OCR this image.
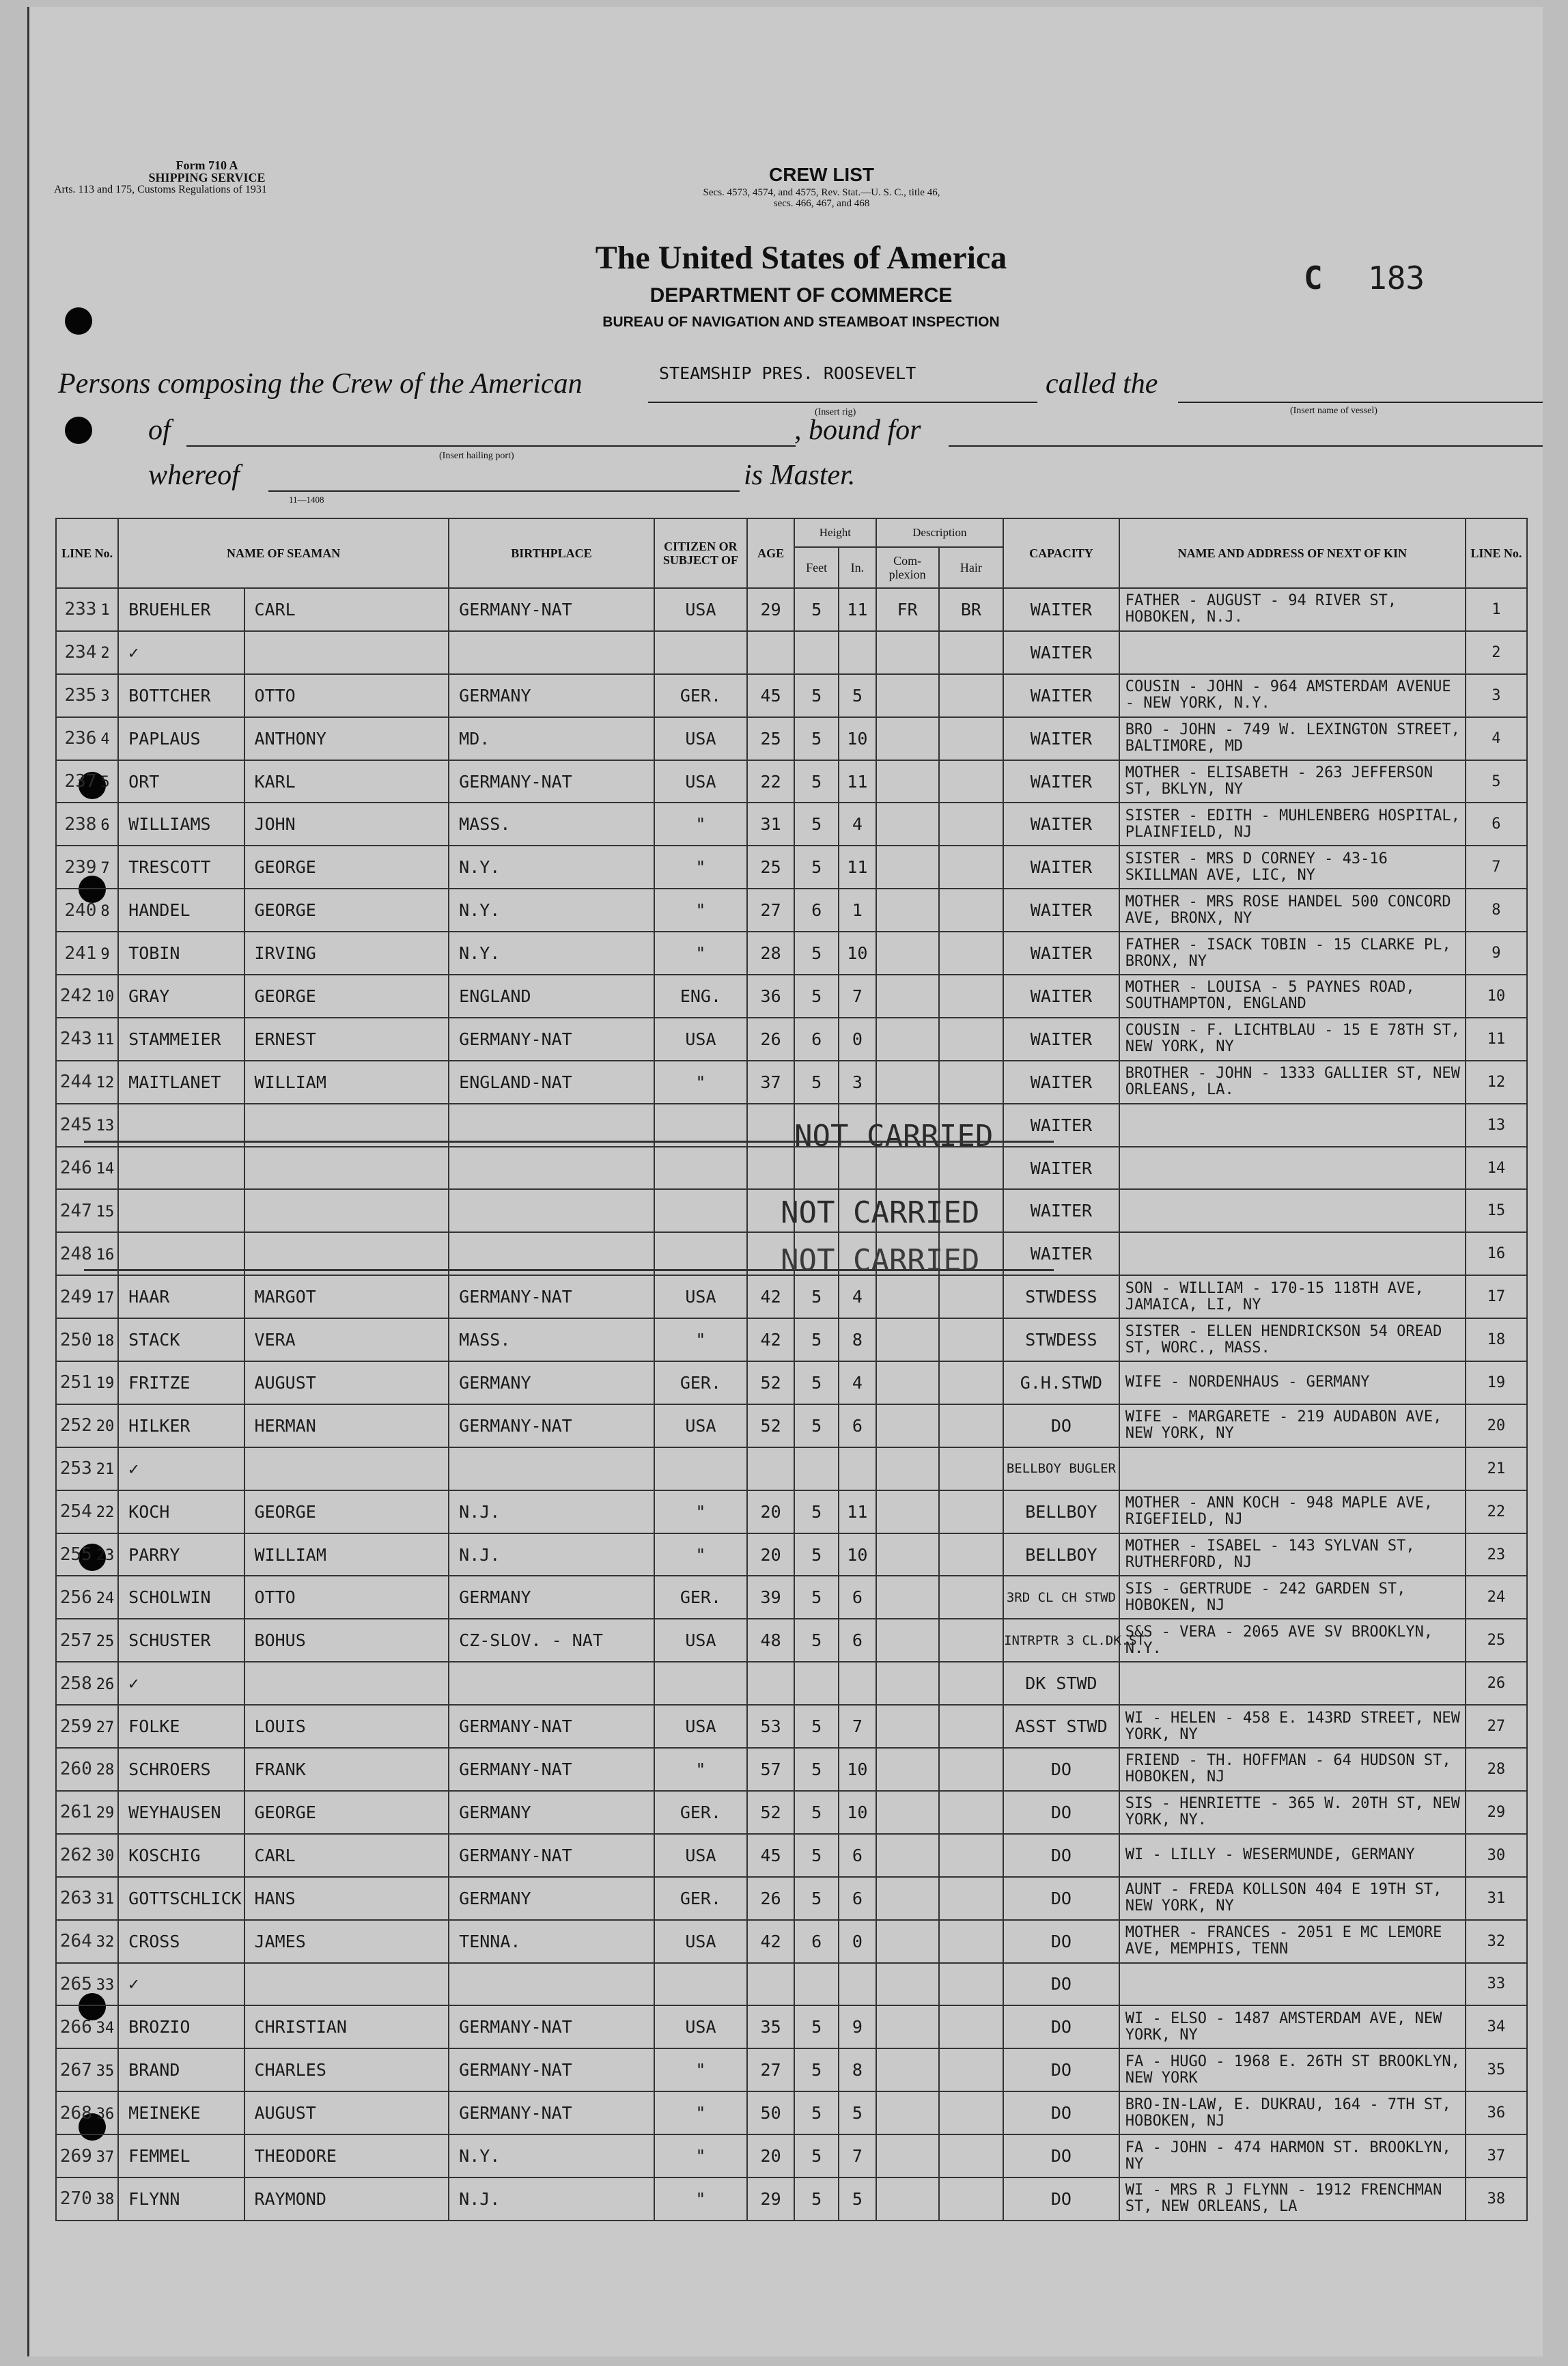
Form 710 A
SHIPPING SERVICE
Arts. 113 and 175, Customs Regulations of 1931
CREW LIST
Secs. 4573, 4574, and 4575, Rev. Stat.—U. S. C., title 46,
secs. 466, 467, and 468
The United States of America
DEPARTMENT OF COMMERCE
BUREAU OF NAVIGATION AND STEAMBOAT INSPECTION
C 183
Persons composing the Crew of the American	STEAMSHIP PRES. ROOSEVELT
(Insert rig)
called the
(Insert name of vessel)
of
(Insert hailing port)
, bound for
whereof
11—1408
is Master.
LINE No.	NAME OF SEAMAN		BIRTHPLACE	CITIZEN OR SUBJECT OF	AGE	Height		Description		CAPACITY	NAME AND ADDRESS OF NEXT OF KIN	LINE No.
						Feet	In.	Com-plexion	Hair			
233 1	BRUEHLER	CARL	GERMANY-NAT	USA	29	5	11	FR	BR	WAITER	FATHER - AUGUST - 94 RIVER ST, HOBOKEN, N.J.	1
234 2	✓									WAITER		2
235 3	BOTTCHER	OTTO	GERMANY	GER.	45	5	5			WAITER	COUSIN - JOHN - 964 AMSTERDAM AVENUE - NEW YORK, N.Y.	3
236 4	PAPLAUS	ANTHONY	MD.	USA	25	5	10			WAITER	BRO - JOHN - 749 W. LEXINGTON STREET, BALTIMORE, MD	4
237 5	ORT	KARL	GERMANY-NAT	USA	22	5	11			WAITER	MOTHER - ELISABETH - 263 JEFFERSON ST, BKLYN, NY	5
238 6	WILLIAMS	JOHN	MASS.	"	31	5	4			WAITER	SISTER - EDITH - MUHLENBERG HOSPITAL, PLAINFIELD, NJ	6
239 7	TRESCOTT	GEORGE	N.Y.	"	25	5	11			WAITER	SISTER - MRS D CORNEY - 43-16 SKILLMAN AVE, LIC, NY	7
240 8	HANDEL	GEORGE	N.Y.	"	27	6	1			WAITER	MOTHER - MRS ROSE HANDEL 500 CONCORD AVE, BRONX, NY	8
241 9	TOBIN	IRVING	N.Y.	"	28	5	10			WAITER	FATHER - ISACK TOBIN - 15 CLARKE PL, BRONX, NY	9
242 10	GRAY	GEORGE	ENGLAND	ENG.	36	5	7			WAITER	MOTHER - LOUISA - 5 PAYNES ROAD, SOUTHAMPTON, ENGLAND	10
243 11	STAMMEIER	ERNEST	GERMANY-NAT	USA	26	6	0			WAITER	COUSIN - F. LICHTBLAU - 15 E 78TH ST, NEW YORK, NY	11
244 12	MAITLANET	WILLIAM	ENGLAND-NAT	"	37	5	3			WAITER	BROTHER - JOHN - 1333 GALLIER ST, NEW ORLEANS, LA.	12
245 13										WAITER		13
246 14										WAITER		14
247 15										WAITER		15
248 16										WAITER		16
249 17	HAAR	MARGOT	GERMANY-NAT	USA	42	5	4			STWDESS	SON - WILLIAM - 170-15 118TH AVE, JAMAICA, LI, NY	17
250 18	STACK	VERA	MASS.	"	42	5	8			STWDESS	SISTER - ELLEN HENDRICKSON 54 OREAD ST, WORC., MASS.	18
251 19	FRITZE	AUGUST	GERMANY	GER.	52	5	4			G.H.STWD	WIFE - NORDENHAUS - GERMANY	19
252 20	HILKER	HERMAN	GERMANY-NAT	USA	52	5	6			DO	WIFE - MARGARETE - 219 AUDABON AVE, NEW YORK, NY	20
253 21	✓									BELLBOY BUGLER		21
254 22	KOCH	GEORGE	N.J.	"	20	5	11			BELLBOY	MOTHER - ANN KOCH - 948 MAPLE AVE, RIGEFIELD, NJ	22
255 23	PARRY	WILLIAM	N.J.	"	20	5	10			BELLBOY	MOTHER - ISABEL - 143 SYLVAN ST, RUTHERFORD, NJ	23
256 24	SCHOLWIN	OTTO	GERMANY	GER.	39	5	6			3RD CL CH STWD	SIS - GERTRUDE - 242 GARDEN ST, HOBOKEN, NJ	24
257 25	SCHUSTER	BOHUS	CZ-SLOV. - NAT	USA	48	5	6			INTRPTR 3 CL.DK.ST	S&S - VERA - 2065 AVE SV BROOKLYN, N.Y.	25
258 26	✓									DK STWD		26
259 27	FOLKE	LOUIS	GERMANY-NAT	USA	53	5	7			ASST STWD	WI - HELEN - 458 E. 143RD STREET, NEW YORK, NY	27
260 28	SCHROERS	FRANK	GERMANY-NAT	"	57	5	10			DO	FRIEND - TH. HOFFMAN - 64 HUDSON ST, HOBOKEN, NJ	28
261 29	WEYHAUSEN	GEORGE	GERMANY	GER.	52	5	10			DO	SIS - HENRIETTE - 365 W. 20TH ST, NEW YORK, NY.	29
262 30	KOSCHIG	CARL	GERMANY-NAT	USA	45	5	6			DO	WI - LILLY - WESERMUNDE, GERMANY	30
263 31	GOTTSCHLICK	HANS	GERMANY	GER.	26	5	6			DO	AUNT - FREDA KOLLSON 404 E 19TH ST, NEW YORK, NY	31
264 32	CROSS	JAMES	TENNA.	USA	42	6	0			DO	MOTHER - FRANCES - 2051 E MC LEMORE AVE, MEMPHIS, TENN	32
265 33	✓									DO		33
266 34	BROZIO	CHRISTIAN	GERMANY-NAT	USA	35	5	9			DO	WI - ELSO - 1487 AMSTERDAM AVE, NEW YORK, NY	34
267 35	BRAND	CHARLES	GERMANY-NAT	"	27	5	8			DO	FA - HUGO - 1968 E. 26TH ST BROOKLYN, NEW YORK	35
268 36	MEINEKE	AUGUST	GERMANY-NAT	"	50	5	5			DO	BRO-IN-LAW, E. DUKRAU, 164 - 7TH ST, HOBOKEN, NJ	36
269 37	FEMMEL	THEODORE	N.Y.	"	20	5	7			DO	FA - JOHN - 474 HARMON ST. BROOKLYN, NY	37
270 38	FLYNN	RAYMOND	N.J.	"	29	5	5			DO	WI - MRS R J FLYNN - 1912 FRENCHMAN ST, NEW ORLEANS, LA	38
NOT CARRIED
NOT CARRIED
NOT CARRIED
